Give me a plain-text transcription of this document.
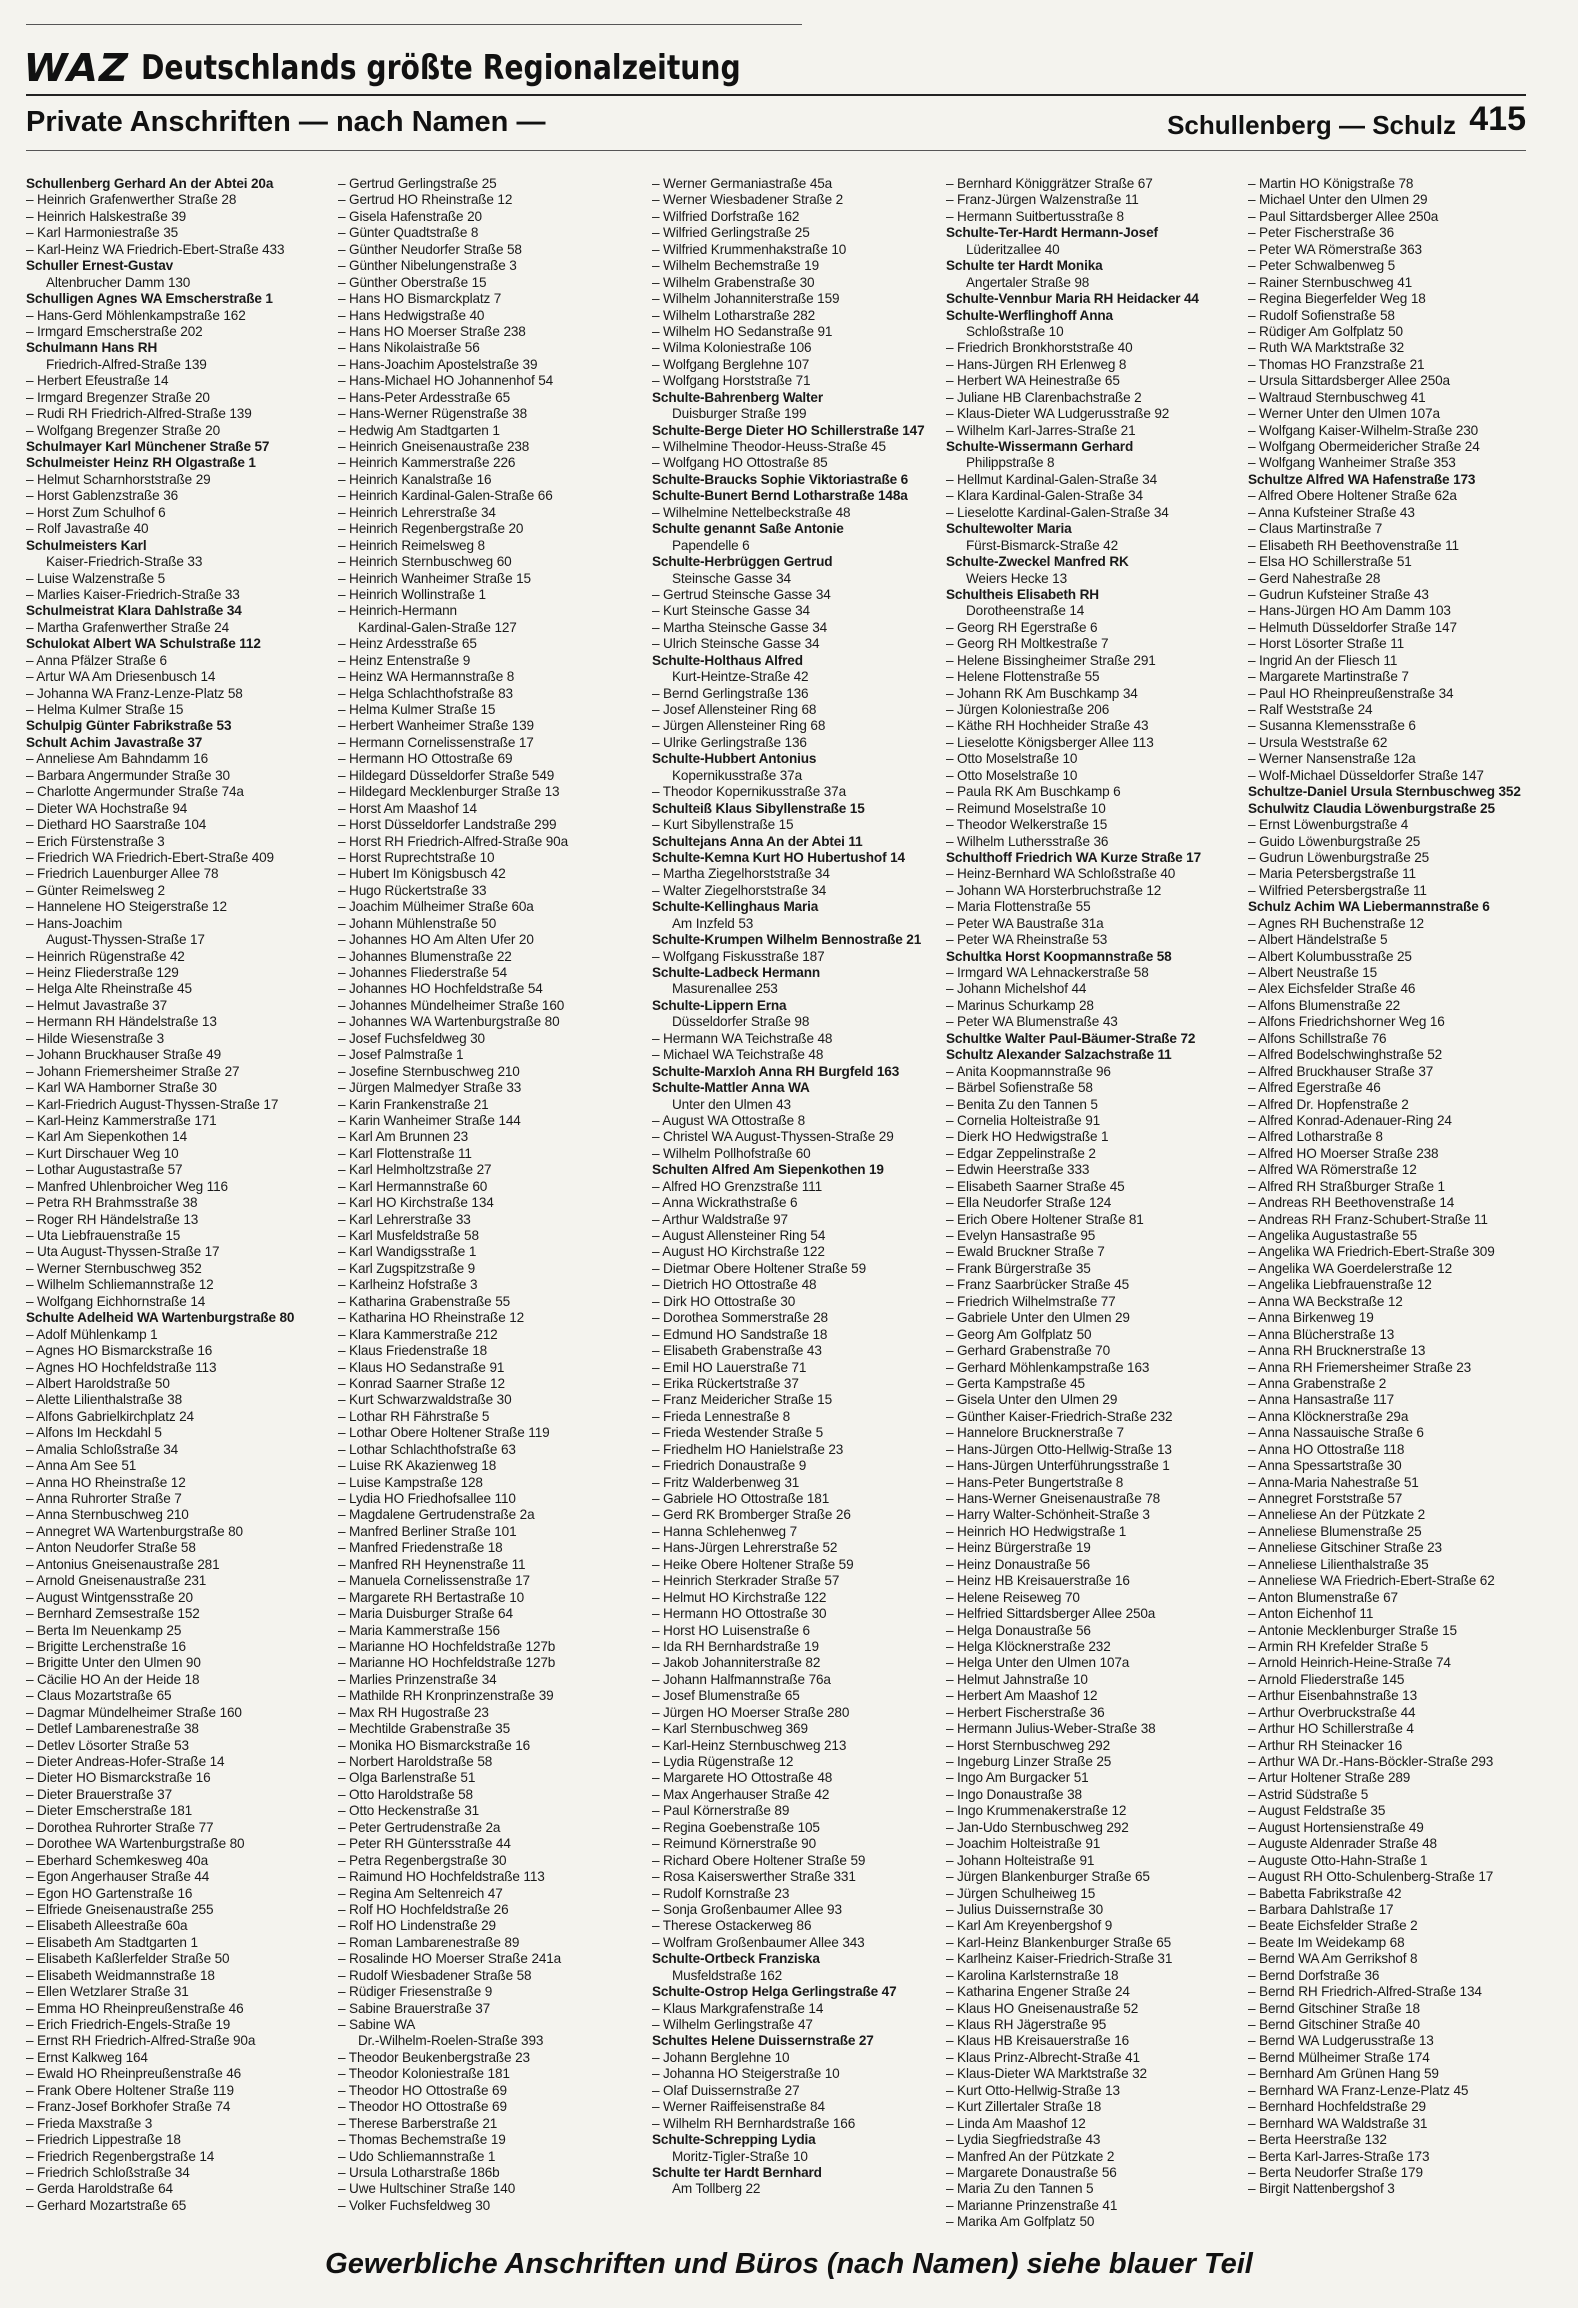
WAZ Deutschlands größte Regionalzeitung
Private Anschriften — nach Namen —	Schullenberg — Schulz 415
Schullenberg Gerhard An der Abtei 20a
– Heinrich Grafenwerther Straße 28
– Heinrich Halskestraße 39
– Karl Harmoniestraße 35
– Karl-Heinz WA Friedrich-Ebert-Straße 433
Schuller Ernest-Gustav
Altenbrucher Damm 130
Schulligen Agnes WA Emscherstraße 1
– Hans-Gerd Möhlenkampstraße 162
– Irmgard Emscherstraße 202
Schulmann Hans RH
Friedrich-Alfred-Straße 139
– Herbert Efeustraße 14
– Irmgard Bregenzer Straße 20
– Rudi RH Friedrich-Alfred-Straße 139
– Wolfgang Bregenzer Straße 20
Schulmayer Karl Münchener Straße 57
Schulmeister Heinz RH Olgastraße 1
– Helmut Scharnhorststraße 29
– Horst Gablenzstraße 36
– Horst Zum Schulhof 6
– Rolf Javastraße 40
Schulmeisters Karl
Kaiser-Friedrich-Straße 33
– Luise Walzenstraße 5
– Marlies Kaiser-Friedrich-Straße 33
Schulmeistrat Klara Dahlstraße 34
– Martha Grafenwerther Straße 24
Schulokat Albert WA Schulstraße 112
– Anna Pfälzer Straße 6
– Artur WA Am Driesenbusch 14
– Johanna WA Franz-Lenze-Platz 58
– Helma Kulmer Straße 15
Schulpig Günter Fabrikstraße 53
Schult Achim Javastraße 37
– Anneliese Am Bahndamm 16
– Barbara Angermunder Straße 30
– Charlotte Angermunder Straße 74a
– Dieter WA Hochstraße 94
– Diethard HO Saarstraße 104
– Erich Fürstenstraße 3
– Friedrich WA Friedrich-Ebert-Straße 409
– Friedrich Lauenburger Allee 78
– Günter Reimelsweg 2
– Hannelene HO Steigerstraße 12
– Hans-Joachim
August-Thyssen-Straße 17
– Heinrich Rügenstraße 42
– Heinz Fliederstraße 129
– Helga Alte Rheinstraße 45
– Helmut Javastraße 37
– Hermann RH Händelstraße 13
– Hilde Wiesenstraße 3
– Johann Bruckhauser Straße 49
– Johann Friemersheimer Straße 27
– Karl WA Hamborner Straße 30
– Karl-Friedrich August-Thyssen-Straße 17
– Karl-Heinz Kammerstraße 171
– Karl Am Siepenkothen 14
– Kurt Dirschauer Weg 10
– Lothar Augustastraße 57
– Manfred Uhlenbroicher Weg 116
– Petra RH Brahmsstraße 38
– Roger RH Händelstraße 13
– Uta Liebfrauenstraße 15
– Uta August-Thyssen-Straße 17
– Werner Sternbuschweg 352
– Wilhelm Schliemannstraße 12
– Wolfgang Eichhornstraße 14
Schulte Adelheid WA Wartenburgstraße 80
– Adolf Mühlenkamp 1
– Agnes HO Bismarckstraße 16
– Agnes HO Hochfeldstraße 113
– Albert Haroldstraße 50
– Alette Lilienthalstraße 38
– Alfons Gabrielkirchplatz 24
– Alfons Im Heckdahl 5
– Amalia Schloßstraße 34
– Anna Am See 51
– Anna HO Rheinstraße 12
– Anna Ruhrorter Straße 7
– Anna Sternbuschweg 210
– Annegret WA Wartenburgstraße 80
– Anton Neudorfer Straße 58
– Antonius Gneisenaustraße 281
– Arnold Gneisenaustraße 231
– August Wintgensstraße 20
– Bernhard Zemsestraße 152
– Berta Im Neuenkamp 25
– Brigitte Lerchenstraße 16
– Brigitte Unter den Ulmen 90
– Cäcilie HO An der Heide 18
– Claus Mozartstraße 65
– Dagmar Mündelheimer Straße 160
– Detlef Lambarenestraße 38
– Detlev Lösorter Straße 53
– Dieter Andreas-Hofer-Straße 14
– Dieter HO Bismarckstraße 16
– Dieter Brauerstraße 37
– Dieter Emscherstraße 181
– Dorothea Ruhrorter Straße 77
– Dorothee WA Wartenburgstraße 80
– Eberhard Schemkesweg 40a
– Egon Angerhauser Straße 44
– Egon HO Gartenstraße 16
– Elfriede Gneisenaustraße 255
– Elisabeth Alleestraße 60a
– Elisabeth Am Stadtgarten 1
– Elisabeth Kaßlerfelder Straße 50
– Elisabeth Weidmannstraße 18
– Ellen Wetzlarer Straße 31
– Emma HO Rheinpreußenstraße 46
– Erich Friedrich-Engels-Straße 19
– Ernst RH Friedrich-Alfred-Straße 90a
– Ernst Kalkweg 164
– Ewald HO Rheinpreußenstraße 46
– Frank Obere Holtener Straße 119
– Franz-Josef Borkhofer Straße 74
– Frieda Maxstraße 3
– Friedrich Lippestraße 18
– Friedrich Regenbergstraße 14
– Friedrich Schloßstraße 34
– Gerda Haroldstraße 64
– Gerhard Mozartstraße 65
– Gertrud Gerlingstraße 25
– Gertrud HO Rheinstraße 12
– Gisela Hafenstraße 20
– Günter Quadtstraße 8
– Günther Neudorfer Straße 58
– Günther Nibelungenstraße 3
– Günther Oberstraße 15
– Hans HO Bismarckplatz 7
– Hans Hedwigstraße 40
– Hans HO Moerser Straße 238
– Hans Nikolaistraße 56
– Hans-Joachim Apostelstraße 39
– Hans-Michael HO Johannenhof 54
– Hans-Peter Ardesstraße 65
– Hans-Werner Rügenstraße 38
– Hedwig Am Stadtgarten 1
– Heinrich Gneisenaustraße 238
– Heinrich Kammerstraße 226
– Heinrich Kanalstraße 16
– Heinrich Kardinal-Galen-Straße 66
– Heinrich Lehrerstraße 34
– Heinrich Regenbergstraße 20
– Heinrich Reimelsweg 8
– Heinrich Sternbuschweg 60
– Heinrich Wanheimer Straße 15
– Heinrich Wollinstraße 1
– Heinrich-Hermann
Kardinal-Galen-Straße 127
– Heinz Ardesstraße 65
– Heinz Entenstraße 9
– Heinz WA Hermannstraße 8
– Helga Schlachthofstraße 83
– Helma Kulmer Straße 15
– Herbert Wanheimer Straße 139
– Hermann Cornelissenstraße 17
– Hermann HO Ottostraße 69
– Hildegard Düsseldorfer Straße 549
– Hildegard Mecklenburger Straße 13
– Horst Am Maashof 14
– Horst Düsseldorfer Landstraße 299
– Horst RH Friedrich-Alfred-Straße 90a
– Horst Ruprechtstraße 10
– Hubert Im Königsbusch 42
– Hugo Rückertstraße 33
– Joachim Mülheimer Straße 60a
– Johann Mühlenstraße 50
– Johannes HO Am Alten Ufer 20
– Johannes Blumenstraße 22
– Johannes Fliederstraße 54
– Johannes HO Hochfeldstraße 54
– Johannes Mündelheimer Straße 160
– Johannes WA Wartenburgstraße 80
– Josef Fuchsfeldweg 30
– Josef Palmstraße 1
– Josefine Sternbuschweg 210
– Jürgen Malmedyer Straße 33
– Karin Frankenstraße 21
– Karin Wanheimer Straße 144
– Karl Am Brunnen 23
– Karl Flottenstraße 11
– Karl Helmholtzstraße 27
– Karl Hermannstraße 60
– Karl HO Kirchstraße 134
– Karl Lehrerstraße 33
– Karl Musfeldstraße 58
– Karl Wandigsstraße 1
– Karl Zugspitzstraße 9
– Karlheinz Hofstraße 3
– Katharina Grabenstraße 55
– Katharina HO Rheinstraße 12
– Klara Kammerstraße 212
– Klaus Friedenstraße 18
– Klaus HO Sedanstraße 91
– Konrad Saarner Straße 12
– Kurt Schwarzwaldstraße 30
– Lothar RH Fährstraße 5
– Lothar Obere Holtener Straße 119
– Lothar Schlachthofstraße 63
– Luise RK Akazienweg 18
– Luise Kampstraße 128
– Lydia HO Friedhofsallee 110
– Magdalene Gertrudenstraße 2a
– Manfred Berliner Straße 101
– Manfred Friedenstraße 18
– Manfred RH Heynenstraße 11
– Manuela Cornelissenstraße 17
– Margarete RH Bertastraße 10
– Maria Duisburger Straße 64
– Maria Kammerstraße 156
– Marianne HO Hochfeldstraße 127b
– Marianne HO Hochfeldstraße 127b
– Marlies Prinzenstraße 34
– Mathilde RH Kronprinzenstraße 39
– Max RH Hugostraße 23
– Mechtilde Grabenstraße 35
– Monika HO Bismarckstraße 16
– Norbert Haroldstraße 58
– Olga Barlenstraße 51
– Otto Haroldstraße 58
– Otto Heckenstraße 31
– Peter Gertrudenstraße 2a
– Peter RH Güntersstraße 44
– Petra Regenbergstraße 30
– Raimund HO Hochfeldstraße 113
– Regina Am Seltenreich 47
– Rolf HO Hochfeldstraße 26
– Rolf HO Lindenstraße 29
– Roman Lambarenestraße 89
– Rosalinde HO Moerser Straße 241a
– Rudolf Wiesbadener Straße 58
– Rüdiger Friesenstraße 9
– Sabine Brauerstraße 37
– Sabine WA
Dr.-Wilhelm-Roelen-Straße 393
– Theodor Beukenbergstraße 23
– Theodor Koloniestraße 181
– Theodor HO Ottostraße 69
– Theodor HO Ottostraße 69
– Therese Barberstraße 21
– Thomas Bechemstraße 19
– Udo Schliemannstraße 1
– Ursula Lotharstraße 186b
– Uwe Hultschiner Straße 140
– Volker Fuchsfeldweg 30
– Werner Germaniastraße 45a
– Werner Wiesbadener Straße 2
– Wilfried Dorfstraße 162
– Wilfried Gerlingstraße 25
– Wilfried Krummenhakstraße 10
– Wilhelm Bechemstraße 19
– Wilhelm Grabenstraße 30
– Wilhelm Johanniterstraße 159
– Wilhelm Lotharstraße 282
– Wilhelm HO Sedanstraße 91
– Wilma Koloniestraße 106
– Wolfgang Berglehne 107
– Wolfgang Horststraße 71
Schulte-Bahrenberg Walter
Duisburger Straße 199
Schulte-Berge Dieter HO Schillerstraße 147
– Wilhelmine Theodor-Heuss-Straße 45
– Wolfgang HO Ottostraße 85
Schulte-Braucks Sophie Viktoriastraße 6
Schulte-Bunert Bernd Lotharstraße 148a
– Wilhelmine Nettelbeckstraße 48
Schulte genannt Saße Antonie
Papendelle 6
Schulte-Herbrüggen Gertrud
Steinsche Gasse 34
– Gertrud Steinsche Gasse 34
– Kurt Steinsche Gasse 34
– Martha Steinsche Gasse 34
– Ulrich Steinsche Gasse 34
Schulte-Holthaus Alfred
Kurt-Heintze-Straße 42
– Bernd Gerlingstraße 136
– Josef Allensteiner Ring 68
– Jürgen Allensteiner Ring 68
– Ulrike Gerlingstraße 136
Schulte-Hubbert Antonius
Kopernikusstraße 37a
– Theodor Kopernikusstraße 37a
Schulteiß Klaus Sibyllenstraße 15
– Kurt Sibyllenstraße 15
Schultejans Anna An der Abtei 11
Schulte-Kemna Kurt HO Hubertushof 14
– Martha Ziegelhorststraße 34
– Walter Ziegelhorststraße 34
Schulte-Kellinghaus Maria
Am Inzfeld 53
Schulte-Krumpen Wilhelm Bennostraße 21
– Wolfgang Fiskusstraße 187
Schulte-Ladbeck Hermann
Masurenallee 253
Schulte-Lippern Erna
Düsseldorfer Straße 98
– Hermann WA Teichstraße 48
– Michael WA Teichstraße 48
Schulte-Marxloh Anna RH Burgfeld 163
Schulte-Mattler Anna WA
Unter den Ulmen 43
– August WA Ottostraße 8
– Christel WA August-Thyssen-Straße 29
– Wilhelm Pollhofstraße 60
Schulten Alfred Am Siepenkothen 19
– Alfred HO Grenzstraße 111
– Anna Wickrathstraße 6
– Arthur Waldstraße 97
– August Allensteiner Ring 54
– August HO Kirchstraße 122
– Dietmar Obere Holtener Straße 59
– Dietrich HO Ottostraße 48
– Dirk HO Ottostraße 30
– Dorothea Sommerstraße 28
– Edmund HO Sandstraße 18
– Elisabeth Grabenstraße 43
– Emil HO Lauerstraße 71
– Erika Rückertstraße 37
– Franz Meidericher Straße 15
– Frieda Lennestraße 8
– Frieda Westender Straße 5
– Friedhelm HO Hanielstraße 23
– Friedrich Donaustraße 9
– Fritz Walderbenweg 31
– Gabriele HO Ottostraße 181
– Gerd RK Bromberger Straße 26
– Hanna Schlehenweg 7
– Hans-Jürgen Lehrerstraße 52
– Heike Obere Holtener Straße 59
– Heinrich Sterkrader Straße 57
– Helmut HO Kirchstraße 122
– Hermann HO Ottostraße 30
– Horst HO Luisenstraße 6
– Ida RH Bernhardstraße 19
– Jakob Johanniterstraße 82
– Johann Halfmannstraße 76a
– Josef Blumenstraße 65
– Jürgen HO Moerser Straße 280
– Karl Sternbuschweg 369
– Karl-Heinz Sternbuschweg 213
– Lydia Rügenstraße 12
– Margarete HO Ottostraße 48
– Max Angerhauser Straße 42
– Paul Körnerstraße 89
– Regina Goebenstraße 105
– Reimund Körnerstraße 90
– Richard Obere Holtener Straße 59
– Rosa Kaiserswerther Straße 331
– Rudolf Kornstraße 23
– Sonja Großenbaumer Allee 93
– Therese Ostackerweg 86
– Wolfram Großenbaumer Allee 343
Schulte-Ortbeck Franziska
Musfeldstraße 162
Schulte-Ostrop Helga Gerlingstraße 47
– Klaus Markgrafenstraße 14
– Wilhelm Gerlingstraße 47
Schultes Helene Duissernstraße 27
– Johann Berglehne 10
– Johanna HO Steigerstraße 10
– Olaf Duissernstraße 27
– Werner Raiffeisenstraße 84
– Wilhelm RH Bernhardstraße 166
Schulte-Schrepping Lydia
Moritz-Tigler-Straße 10
Schulte ter Hardt Bernhard
Am Tollberg 22
– Bernhard Königgrätzer Straße 67
– Franz-Jürgen Walzenstraße 11
– Hermann Suitbertusstraße 8
Schulte-Ter-Hardt Hermann-Josef
Lüderitzallee 40
Schulte ter Hardt Monika
Angertaler Straße 98
Schulte-Vennbur Maria RH Heidacker 44
Schulte-Werflinghoff Anna
Schloßstraße 10
– Friedrich Bronkhorststraße 40
– Hans-Jürgen RH Erlenweg 8
– Herbert WA Heinestraße 65
– Juliane HB Clarenbachstraße 2
– Klaus-Dieter WA Ludgerusstraße 92
– Wilhelm Karl-Jarres-Straße 21
Schulte-Wissermann Gerhard
Philippstraße 8
– Hellmut Kardinal-Galen-Straße 34
– Klara Kardinal-Galen-Straße 34
– Lieselotte Kardinal-Galen-Straße 34
Schultewolter Maria
Fürst-Bismarck-Straße 42
Schulte-Zweckel Manfred RK
Weiers Hecke 13
Schultheis Elisabeth RH
Dorotheenstraße 14
– Georg RH Egerstraße 6
– Georg RH Moltkestraße 7
– Helene Bissingheimer Straße 291
– Helene Flottenstraße 55
– Johann RK Am Buschkamp 34
– Jürgen Koloniestraße 206
– Käthe RH Hochheider Straße 43
– Lieselotte Königsberger Allee 113
– Otto Moselstraße 10
– Otto Moselstraße 10
– Paula RK Am Buschkamp 6
– Reimund Moselstraße 10
– Theodor Welkerstraße 15
– Wilhelm Luthersstraße 36
Schulthoff Friedrich WA Kurze Straße 17
– Heinz-Bernhard WA Schloßstraße 40
– Johann WA Horsterbruchstraße 12
– Maria Flottenstraße 55
– Peter WA Baustraße 31a
– Peter WA Rheinstraße 53
Schultka Horst Koopmannstraße 58
– Irmgard WA Lehnackerstraße 58
– Johann Michelshof 44
– Marinus Schurkamp 28
– Peter WA Blumenstraße 43
Schultke Walter Paul-Bäumer-Straße 72
Schultz Alexander Salzachstraße 11
– Anita Koopmannstraße 96
– Bärbel Sofienstraße 58
– Benita Zu den Tannen 5
– Cornelia Holteistraße 91
– Dierk HO Hedwigstraße 1
– Edgar Zeppelinstraße 2
– Edwin Heerstraße 333
– Elisabeth Saarner Straße 45
– Ella Neudorfer Straße 124
– Erich Obere Holtener Straße 81
– Evelyn Hansastraße 95
– Ewald Bruckner Straße 7
– Frank Bürgerstraße 35
– Franz Saarbrücker Straße 45
– Friedrich Wilhelmstraße 77
– Gabriele Unter den Ulmen 29
– Georg Am Golfplatz 50
– Gerhard Grabenstraße 70
– Gerhard Möhlenkampstraße 163
– Gerta Kampstraße 45
– Gisela Unter den Ulmen 29
– Günther Kaiser-Friedrich-Straße 232
– Hannelore Brucknerstraße 7
– Hans-Jürgen Otto-Hellwig-Straße 13
– Hans-Jürgen Unterführungsstraße 1
– Hans-Peter Bungertstraße 8
– Hans-Werner Gneisenaustraße 78
– Harry Walter-Schönheit-Straße 3
– Heinrich HO Hedwigstraße 1
– Heinz Bürgerstraße 19
– Heinz Donaustraße 56
– Heinz HB Kreisauerstraße 16
– Helene Reiseweg 70
– Helfried Sittardsberger Allee 250a
– Helga Donaustraße 56
– Helga Klöcknerstraße 232
– Helga Unter den Ulmen 107a
– Helmut Jahnstraße 10
– Herbert Am Maashof 12
– Herbert Fischerstraße 36
– Hermann Julius-Weber-Straße 38
– Horst Sternbuschweg 292
– Ingeburg Linzer Straße 25
– Ingo Am Burgacker 51
– Ingo Donaustraße 38
– Ingo Krummenakerstraße 12
– Jan-Udo Sternbuschweg 292
– Joachim Holteistraße 91
– Johann Holteistraße 91
– Jürgen Blankenburger Straße 65
– Jürgen Schulheiweg 15
– Julius Duissernstraße 30
– Karl Am Kreyenbergshof 9
– Karl-Heinz Blankenburger Straße 65
– Karlheinz Kaiser-Friedrich-Straße 31
– Karolina Karlsternstraße 18
– Katharina Engener Straße 24
– Klaus HO Gneisenaustraße 52
– Klaus RH Jägerstraße 95
– Klaus HB Kreisauerstraße 16
– Klaus Prinz-Albrecht-Straße 41
– Klaus-Dieter WA Marktstraße 32
– Kurt Otto-Hellwig-Straße 13
– Kurt Zillertaler Straße 18
– Linda Am Maashof 12
– Lydia Siegfriedstraße 43
– Manfred An der Pützkate 2
– Margarete Donaustraße 56
– Maria Zu den Tannen 5
– Marianne Prinzenstraße 41
– Marika Am Golfplatz 50
– Martin HO Königstraße 78
– Michael Unter den Ulmen 29
– Paul Sittardsberger Allee 250a
– Peter Fischerstraße 36
– Peter WA Römerstraße 363
– Peter Schwalbenweg 5
– Rainer Sternbuschweg 41
– Regina Biegerfelder Weg 18
– Rudolf Sofienstraße 58
– Rüdiger Am Golfplatz 50
– Ruth WA Marktstraße 32
– Thomas HO Franzstraße 21
– Ursula Sittardsberger Allee 250a
– Waltraud Sternbuschweg 41
– Werner Unter den Ulmen 107a
– Wolfgang Kaiser-Wilhelm-Straße 230
– Wolfgang Obermeidericher Straße 24
– Wolfgang Wanheimer Straße 353
Schultze Alfred WA Hafenstraße 173
– Alfred Obere Holtener Straße 62a
– Anna Kufsteiner Straße 43
– Claus Martinstraße 7
– Elisabeth RH Beethovenstraße 11
– Elsa HO Schillerstraße 51
– Gerd Nahestraße 28
– Gudrun Kufsteiner Straße 43
– Hans-Jürgen HO Am Damm 103
– Helmuth Düsseldorfer Straße 147
– Horst Lösorter Straße 11
– Ingrid An der Fliesch 11
– Margarete Martinstraße 7
– Paul HO Rheinpreußenstraße 34
– Ralf Weststraße 24
– Susanna Klemensstraße 6
– Ursula Weststraße 62
– Werner Nansenstraße 12a
– Wolf-Michael Düsseldorfer Straße 147
Schultze-Daniel Ursula Sternbuschweg 352
Schulwitz Claudia Löwenburgstraße 25
– Ernst Löwenburgstraße 4
– Guido Löwenburgstraße 25
– Gudrun Löwenburgstraße 25
– Maria Petersbergstraße 11
– Wilfried Petersbergstraße 11
Schulz Achim WA Liebermannstraße 6
– Agnes RH Buchenstraße 12
– Albert Händelstraße 5
– Albert Kolumbusstraße 25
– Albert Neustraße 15
– Alex Eichsfelder Straße 46
– Alfons Blumenstraße 22
– Alfons Friedrichshorner Weg 16
– Alfons Schillstraße 76
– Alfred Bodelschwinghstraße 52
– Alfred Bruckhauser Straße 37
– Alfred Egerstraße 46
– Alfred Dr. Hopfenstraße 2
– Alfred Konrad-Adenauer-Ring 24
– Alfred Lotharstraße 8
– Alfred HO Moerser Straße 238
– Alfred WA Römerstraße 12
– Alfred RH Straßburger Straße 1
– Andreas RH Beethovenstraße 14
– Andreas RH Franz-Schubert-Straße 11
– Angelika Augustastraße 55
– Angelika WA Friedrich-Ebert-Straße 309
– Angelika WA Goerdelerstraße 12
– Angelika Liebfrauenstraße 12
– Anna WA Beckstraße 12
– Anna Birkenweg 19
– Anna Blücherstraße 13
– Anna RH Brucknerstraße 13
– Anna RH Friemersheimer Straße 23
– Anna Grabenstraße 2
– Anna Hansastraße 117
– Anna Klöcknerstraße 29a
– Anna Nassauische Straße 6
– Anna HO Ottostraße 118
– Anna Spessartstraße 30
– Anna-Maria Nahestraße 51
– Annegret Forststraße 57
– Anneliese An der Pützkate 2
– Anneliese Blumenstraße 25
– Anneliese Gitschiner Straße 23
– Anneliese Lilienthalstraße 35
– Anneliese WA Friedrich-Ebert-Straße 62
– Anton Blumenstraße 67
– Anton Eichenhof 11
– Antonie Mecklenburger Straße 15
– Armin RH Krefelder Straße 5
– Arnold Heinrich-Heine-Straße 74
– Arnold Fliederstraße 145
– Arthur Eisenbahnstraße 13
– Arthur Overbruckstraße 44
– Arthur HO Schillerstraße 4
– Arthur RH Steinacker 16
– Arthur WA Dr.-Hans-Böckler-Straße 293
– Artur Holtener Straße 289
– Astrid Südstraße 5
– August Feldstraße 35
– August Hortensienstraße 49
– Auguste Aldenrader Straße 48
– Auguste Otto-Hahn-Straße 1
– August RH Otto-Schulenberg-Straße 17
– Babetta Fabrikstraße 42
– Barbara Dahlstraße 17
– Beate Eichsfelder Straße 2
– Beate Im Weidekamp 68
– Bernd WA Am Gerrikshof 8
– Bernd Dorfstraße 36
– Bernd RH Friedrich-Alfred-Straße 134
– Bernd Gitschiner Straße 18
– Bernd Gitschiner Straße 40
– Bernd WA Ludgerusstraße 13
– Bernd Mülheimer Straße 174
– Bernhard Am Grünen Hang 59
– Bernhard WA Franz-Lenze-Platz 45
– Bernhard Hochfeldstraße 29
– Bernhard WA Waldstraße 31
– Berta Heerstraße 132
– Berta Karl-Jarres-Straße 173
– Berta Neudorfer Straße 179
– Birgit Nattenbergshof 3
Gewerbliche Anschriften und Büros (nach Namen) siehe blauer Teil
